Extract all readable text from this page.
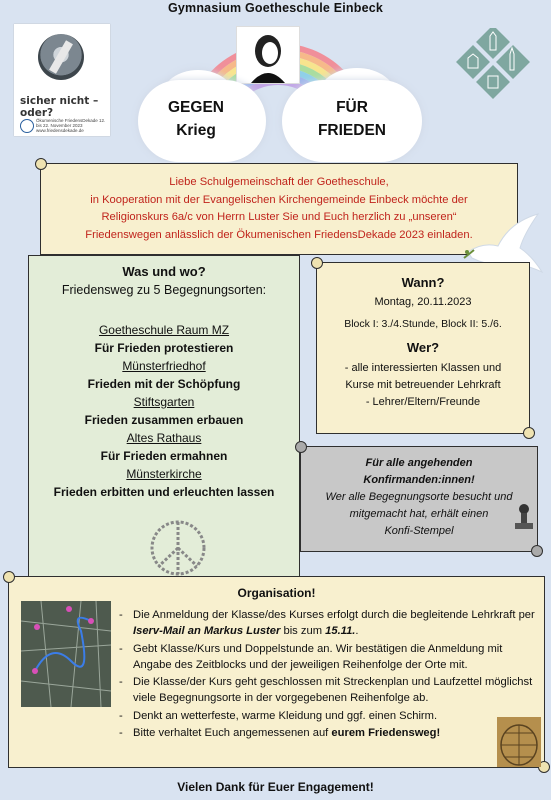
Gymnasium Goetheschule Einbeck
sicher nicht – oder?
Ökumenische FriedensDekade 12. bis 22. November 2023 www.friedensdekade.de
GEGEN
Krieg
FÜR
FRIEDEN
Liebe Schulgemeinschaft der Goetheschule,
in Kooperation mit der Evangelischen Kirchengemeinde Einbeck möchte der
Religionskurs 6a/c von Herrn Luster Sie und Euch herzlich zu „unseren“
Friedenswegen anlässlich der Ökumenischen FriedensDekade 2023 einladen.
Was und wo?
Friedensweg zu 5 Begegnungsorten:
Goetheschule Raum MZ
Für Frieden protestieren
Münsterfriedhof
Frieden mit der Schöpfung
Stiftsgarten
Frieden zusammen erbauen
Altes Rathaus
Für Frieden ermahnen
Münsterkirche
Frieden erbitten und erleuchten lassen
Wann?
Montag, 20.11.2023
Block I: 3./4.Stunde, Block II: 5./6.
Wer?
- alle interessierten Klassen und
Kurse mit betreuender Lehrkraft
- Lehrer/Eltern/Freunde
Für alle angehenden
Konfirmanden:innen!
Wer alle Begegnungsorte besucht und
mitgemacht hat, erhält einen
Konfi-Stempel
Organisation!
- Die Anmeldung der Klasse/des Kurses erfolgt durch die begleitende Lehrkraft per Iserv-Mail an Markus Luster bis zum 15.11..
- Gebt Klasse/Kurs und Doppelstunde an. Wir bestätigen die Anmeldung mit Angabe des Zeitblocks und der jeweiligen Reihenfolge der Orte mit.
- Die Klasse/der Kurs geht geschlossen mit Streckenplan und Laufzettel möglichst viele Begegnungsorte in der vorgegebenen Reihenfolge ab.
- Denkt an wetterfeste, warme Kleidung und ggf. einen Schirm.
- Bitte verhaltet Euch angemessenen auf eurem Friedensweg!
Vielen Dank für Euer Engagement!
